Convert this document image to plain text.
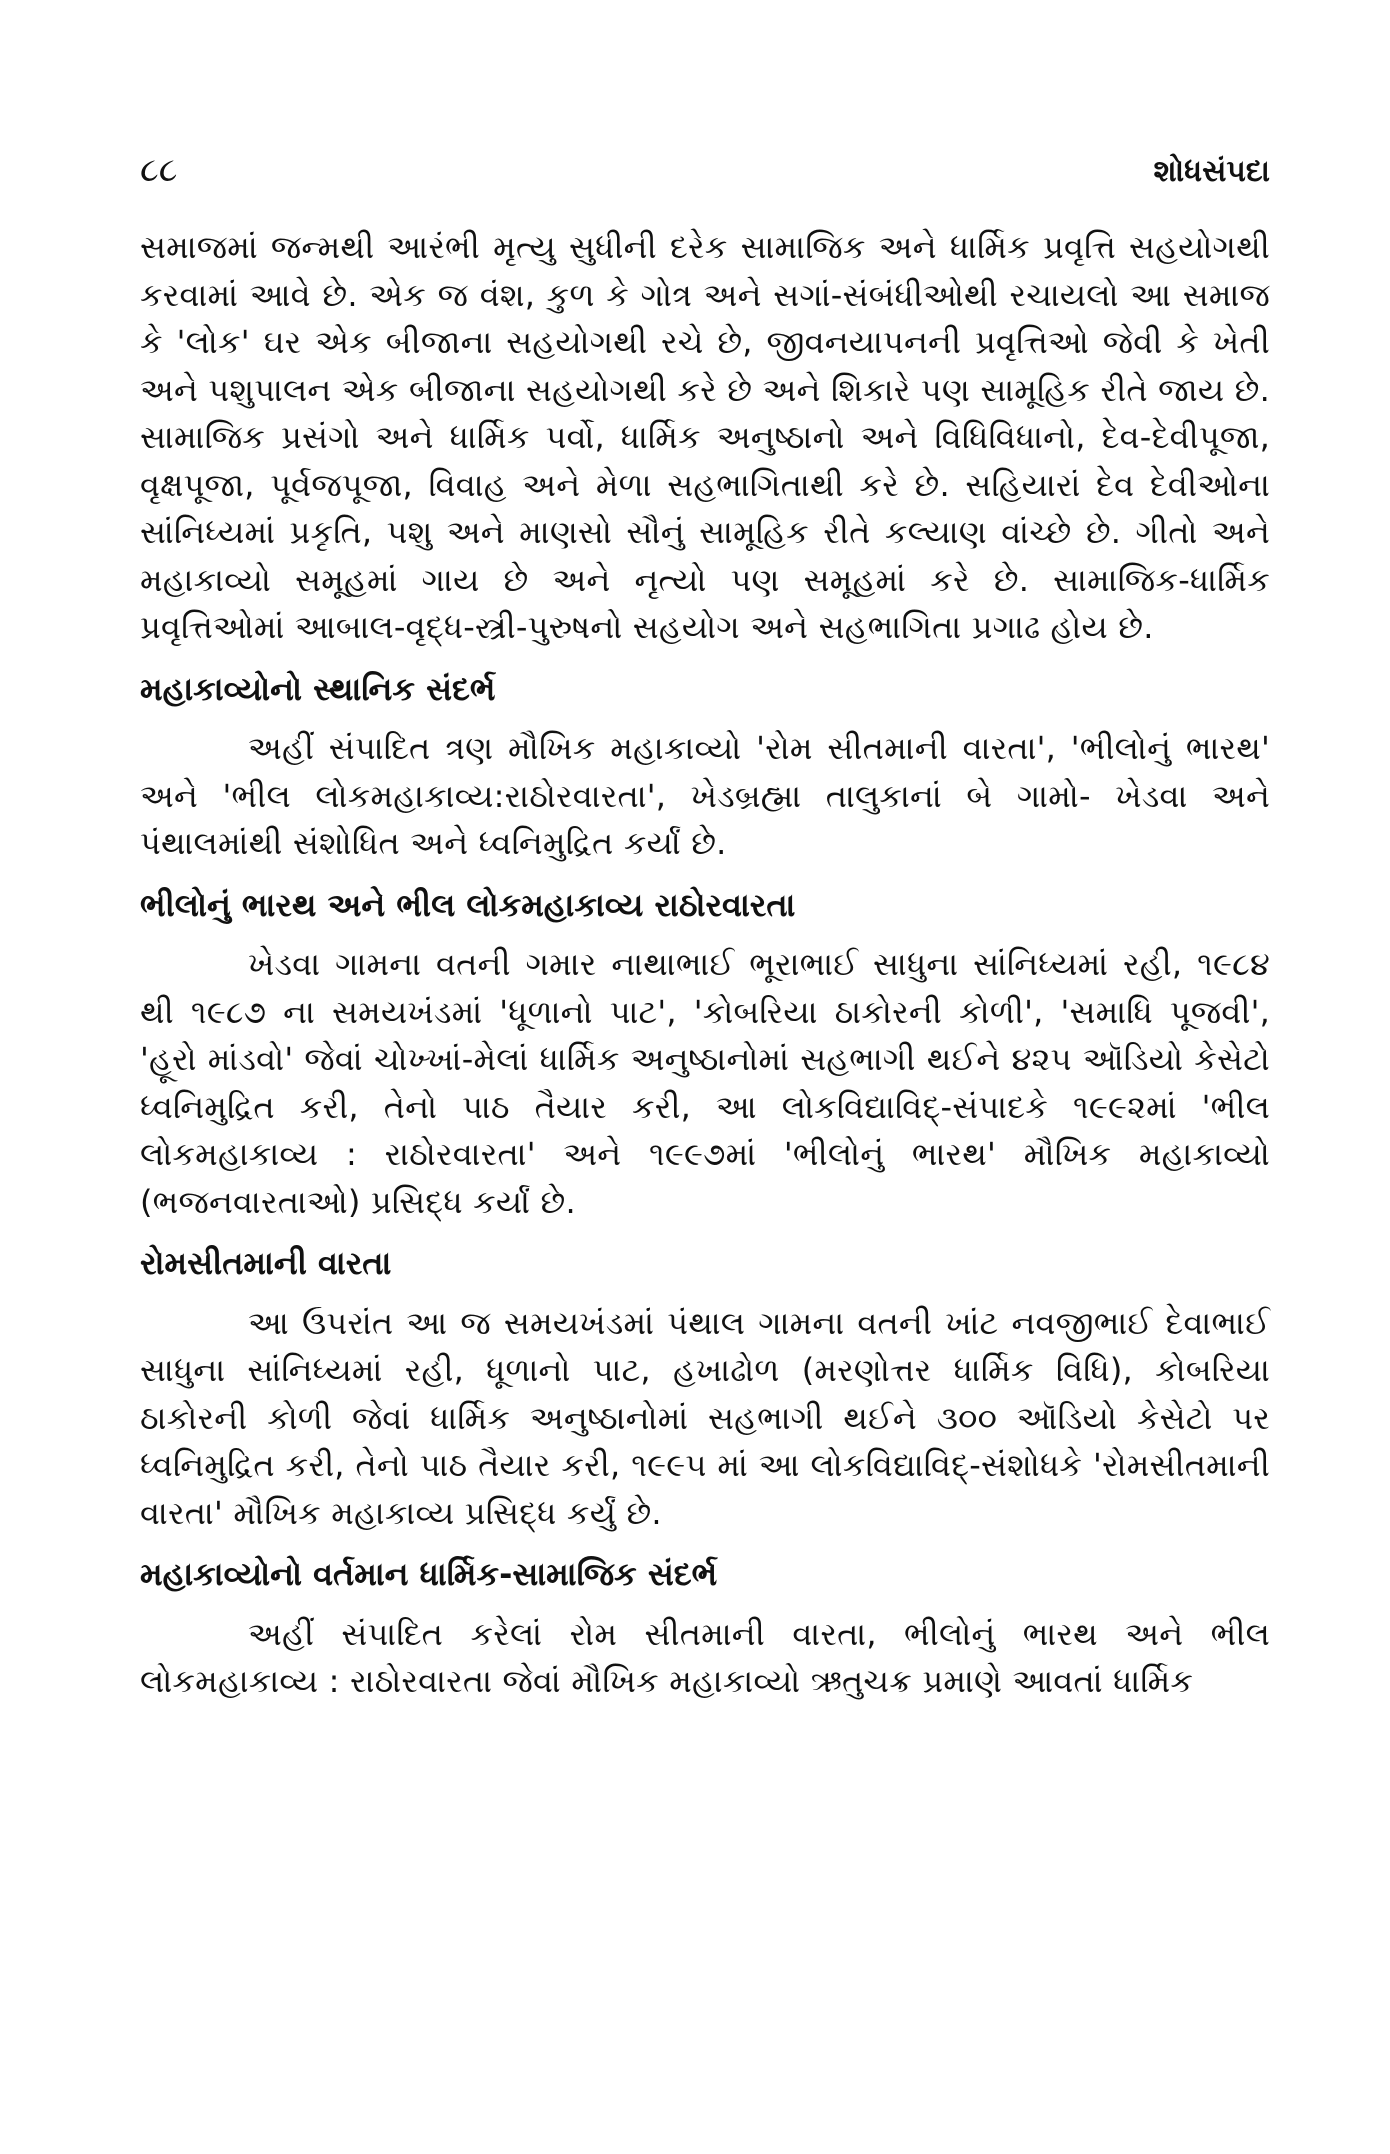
૮૮	શોધસંપદા

સમાજમાં જન્મથી આરંભી મૃત્યુ સુધીની દરેક સામાજિક અને ધાર્મિક પ્રવૃત્તિ સહયોગથી કરવામાં આવે છે. એક જ વંશ, કુળ કે ગોત્ર અને સગાં-સંબંધીઓથી રચાયલો આ સમાજ કે 'લોક' ઘર એક બીજાના સહયોગથી રચે છે, જીવનયાપનની પ્રવૃત્તિઓ જેવી કે ખેતી અને પશુપાલન એક બીજાના સહયોગથી કરે છે અને શિકારે પણ સામૂહિક રીતે જાય છે. સામાજિક પ્રસંગો અને ધાર્મિક પર્વો, ધાર્મિક અનુષ્ઠાનો અને વિધિવિધાનો, દેવ-દેવીપૂજા, વૃક્ષપૂજા, પૂર્વજપૂજા, વિવાહ અને મેળા સહભાગિતાથી કરે છે. સહિયારાં દેવ દેવીઓના સાંનિધ્યમાં પ્રકૃતિ, પશુ અને માણસો સૌનું સામૂહિક રીતે કલ્યાણ વાંચ્છે છે. ગીતો અને મહાકાવ્યો સમૂહમાં ગાય છે અને નૃત્યો પણ સમૂહમાં કરે છે. સામાજિક-ધાર્મિક પ્રવૃત્તિઓમાં આબાલ-વૃદ્ધ-સ્ત્રી-પુરુષનો સહયોગ અને સહભાગિતા પ્રગાઢ હોય છે.

મહાકાવ્યોનો સ્થાનિક સંદર્ભ

અહીં સંપાદિત ત્રણ મૌખિક મહાકાવ્યો 'રોમ સીતમાની વારતા', 'ભીલોનું ભારથ' અને 'ભીલ લોકમહાકાવ્ય:રાઠોરવારતા', ખેડબ્રહ્મા તાલુકાનાં બે ગામો- ખેડવા અને પંથાલમાંથી સંશોધિત અને ધ્વનિમુદ્રિત કર્યાં છે.

ભીલોનું ભારથ અને ભીલ લોકમહાકાવ્ય રાઠોરવારતા

ખેડવા ગામના વતની ગમાર નાથાભાઈ ભૂરાભાઈ સાધુના સાંનિધ્યમાં રહી, ૧૯૮૪ થી ૧૯૮૭ ના સમયખંડમાં 'ધૂળાનો પાટ', 'કોબરિયા ઠાકોરની કોળી', 'સમાધિ પૂજવી', 'હૂરો માંડવો' જેવાં ચોખ્ખાં-મેલાં ધાર્મિક અનુષ્ઠાનોમાં સહભાગી થઈને ૪૨૫ ઑડિયો કેસેટો ધ્વનિમુદ્રિત કરી, તેનો પાઠ તૈયાર કરી, આ લોકવિદ્યાવિદ્-સંપાદકે ૧૯૯૨માં 'ભીલ લોકમહાકાવ્ય : રાઠોરવારતા' અને ૧૯૯૭માં 'ભીલોનું ભારથ' મૌખિક મહાકાવ્યો (ભજનવારતાઓ) પ્રસિદ્ધ કર્યાં છે.

રોમસીતમાની વારતા

આ ઉપરાંત આ જ સમયખંડમાં પંથાલ ગામના વતની ખાંટ નવજીભાઈ દેવાભાઈ સાધુના સાંનિધ્યમાં રહી, ધૂળાનો પાટ, હખાઢોળ (મરણોત્તર ધાર્મિક વિધિ), કોબરિયા ઠાકોરની કોળી જેવાં ધાર્મિક અનુષ્ઠાનોમાં સહભાગી થઈને ૩૦૦ ઑડિયો કેસેટો પર ધ્વનિમુદ્રિત કરી, તેનો પાઠ તૈયાર કરી, ૧૯૯૫ માં આ લોકવિદ્યાવિદ્-સંશોધકે 'રોમસીતમાની વારતા' મૌખિક મહાકાવ્ય પ્રસિદ્ધ કર્યું છે.

મહાકાવ્યોનો વર્તમાન ધાર્મિક-સામાજિક સંદર્ભ

અહીં સંપાદિત કરેલાં રોમ સીતમાની વારતા, ભીલોનું ભારથ અને ભીલ લોકમહાકાવ્ય : રાઠોરવારતા જેવાં મૌખિક મહાકાવ્યો ઋતુચક્ર પ્રમાણે આવતાં ધાર્મિક
